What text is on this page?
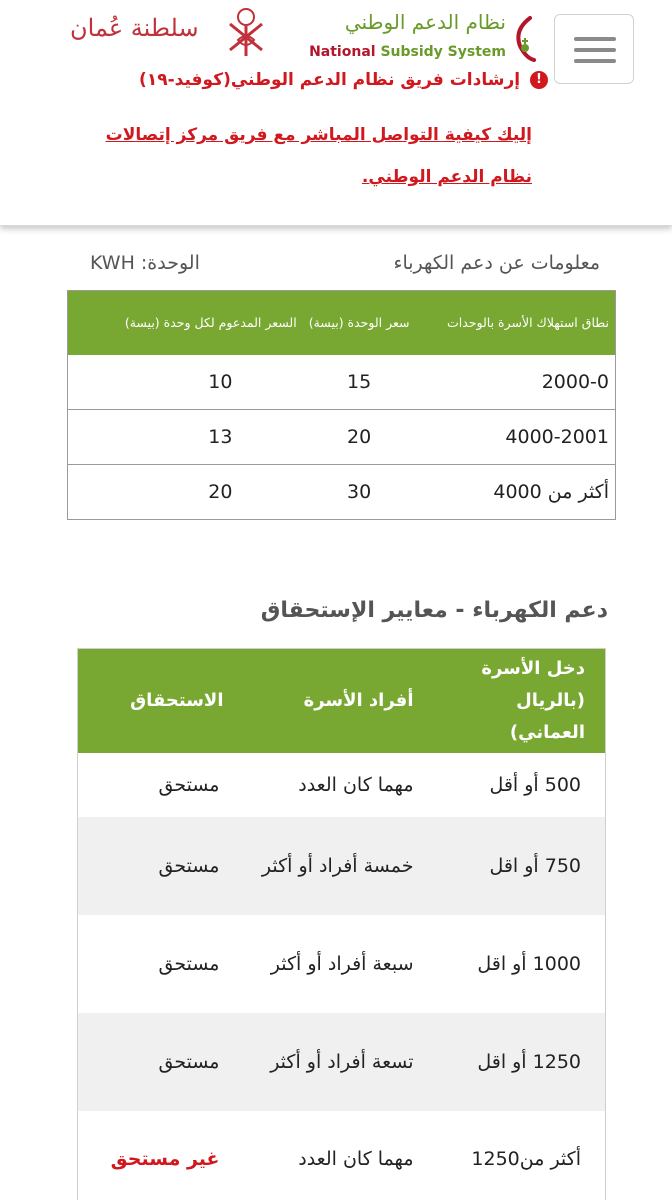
سلطنة عُمان	نظام الدعم الوطني
National Subsidy System
! إرشادات فريق نظام الدعم الوطني(كوفيد-١٩)
إليك كيفية التواصل المباشر مع فريق مركز إتصالات نظام الدعم الوطني.
معلومات عن دعم الكهرباء
الوحدة: KWH
نطاق استهلاك الأسرة بالوحدات	سعر الوحدة (بيسة)	السعر المدعوم لكل وحدة (بيسة)
2000-0	15	10
4000-2001	20	13
أكثر من 4000	30	20
دعم الكهرباء - معايير الإستحقاق
دخل الأسرة (بالريال العماني)	أفراد الأسرة	الاستحقاق
500 أو أقل	مهما كان العدد	مستحق
750 أو اقل	خمسة أفراد أو أكثر	مستحق
1000 أو اقل	سبعة أفراد أو أكثر	مستحق
1250 أو اقل	تسعة أفراد أو أكثر	مستحق
أكثر من1250	مهما كان العدد	غير مستحق
